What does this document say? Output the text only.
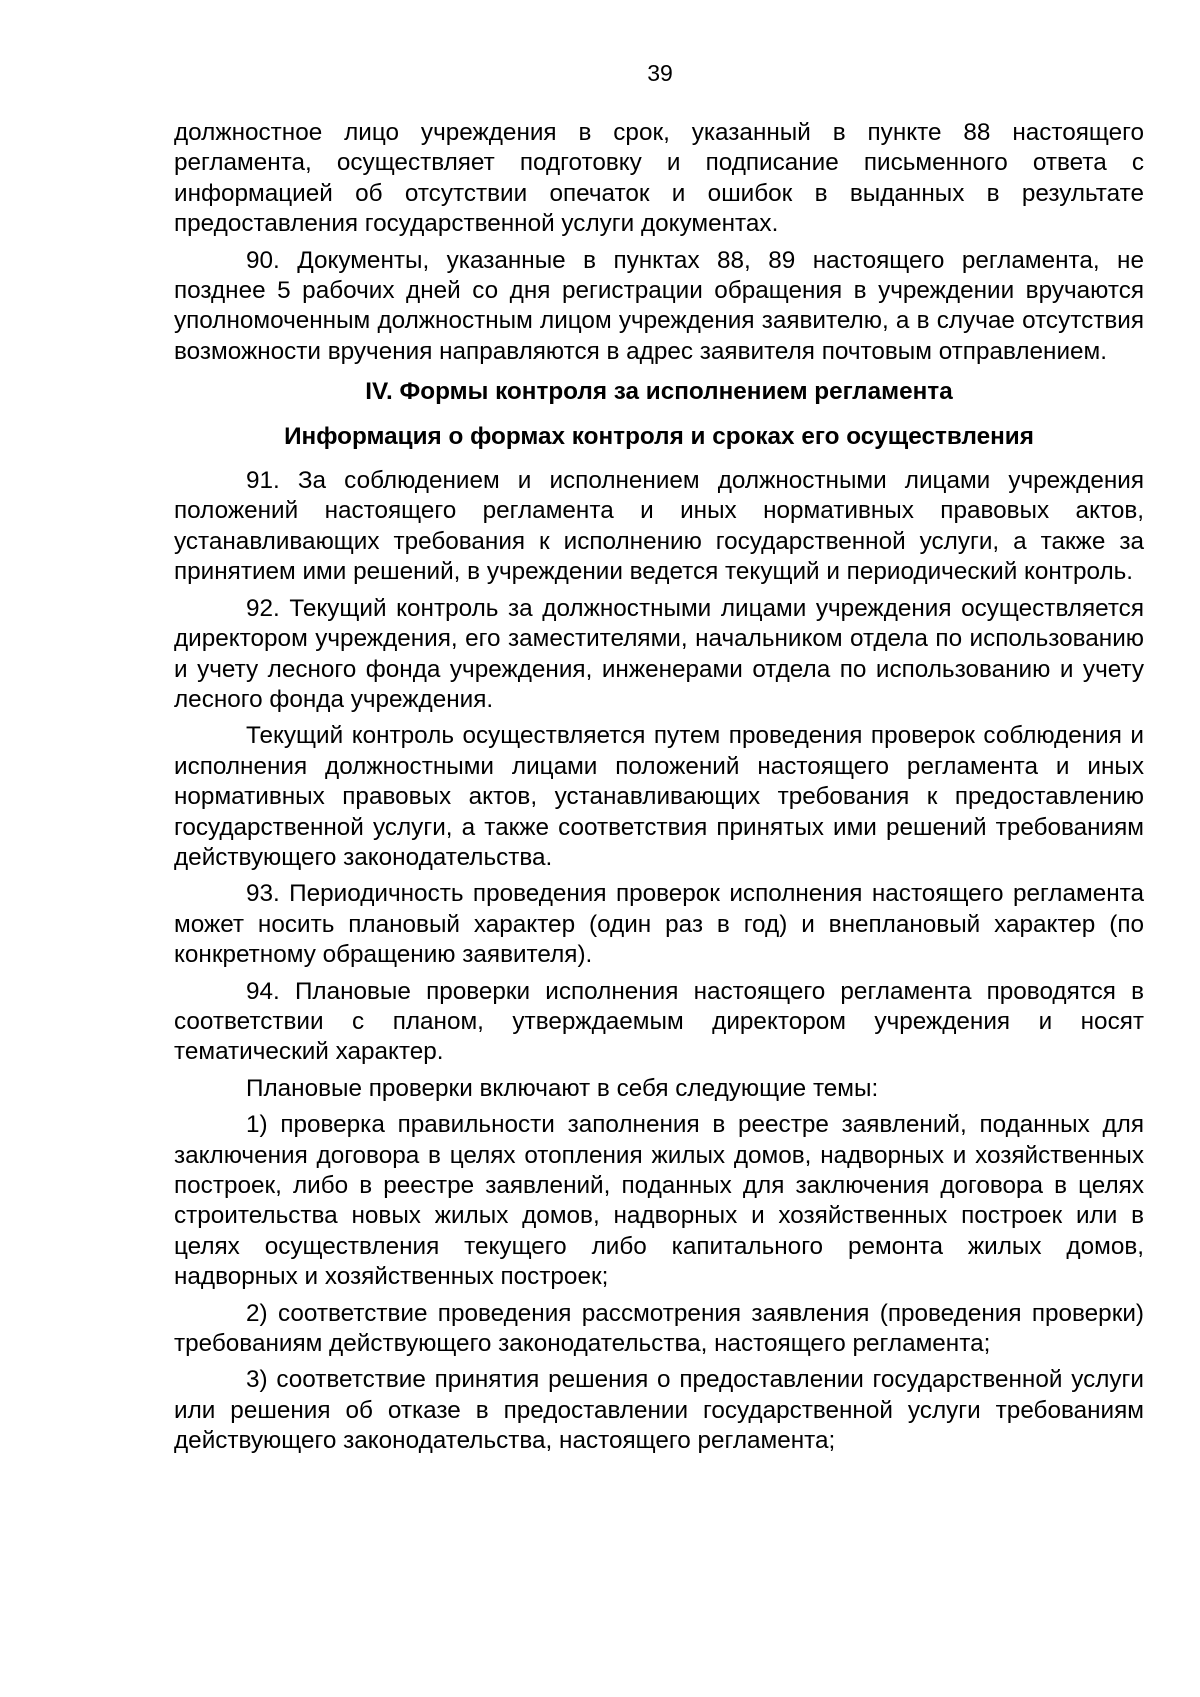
39

должностное лицо учреждения в срок, указанный в пункте 88 настоящего регламента, осуществляет подготовку и подписание письменного ответа с информацией об отсутствии опечаток и ошибок в выданных в результате предоставления государственной услуги документах.

90. Документы, указанные в пунктах 88, 89 настоящего регламента, не позднее 5 рабочих дней со дня регистрации обращения в учреждении вручаются уполномоченным должностным лицом учреждения заявителю, а в случае отсутствия возможности вручения направляются в адрес заявителя почтовым отправлением.

IV. Формы контроля за исполнением регламента
Информация о формах контроля и сроках его осуществления

91. За соблюдением и исполнением должностными лицами учреждения положений настоящего регламента и иных нормативных правовых актов, устанавливающих требования к исполнению государственной услуги, а также за принятием ими решений, в учреждении ведется текущий и периодический контроль.

92. Текущий контроль за должностными лицами учреждения осуществляется директором учреждения, его заместителями, начальником отдела по использованию и учету лесного фонда учреждения, инженерами отдела по использованию и учету лесного фонда учреждения.

Текущий контроль осуществляется путем проведения проверок соблюдения и исполнения должностными лицами положений настоящего регламента и иных нормативных правовых актов, устанавливающих требования к предоставлению государственной услуги, а также соответствия принятых ими решений требованиям действующего законодательства.

93. Периодичность проведения проверок исполнения настоящего регламента может носить плановый характер (один раз в год) и внеплановый характер (по конкретному обращению заявителя).

94. Плановые проверки исполнения настоящего регламента проводятся в соответствии с планом, утверждаемым директором учреждения и носят тематический характер.

Плановые проверки включают в себя следующие темы:

1) проверка правильности заполнения в реестре заявлений, поданных для заключения договора в целях отопления жилых домов, надворных и хозяйственных построек, либо в реестре заявлений, поданных для заключения договора в целях строительства новых жилых домов, надворных и хозяйственных построек или в целях осуществления текущего либо капитального ремонта жилых домов, надворных и хозяйственных построек;

2) соответствие проведения рассмотрения заявления (проведения проверки) требованиям действующего законодательства, настоящего регламента;

3) соответствие принятия решения о предоставлении государственной услуги или решения об отказе в предоставлении государственной услуги требованиям действующего законодательства, настоящего регламента;
